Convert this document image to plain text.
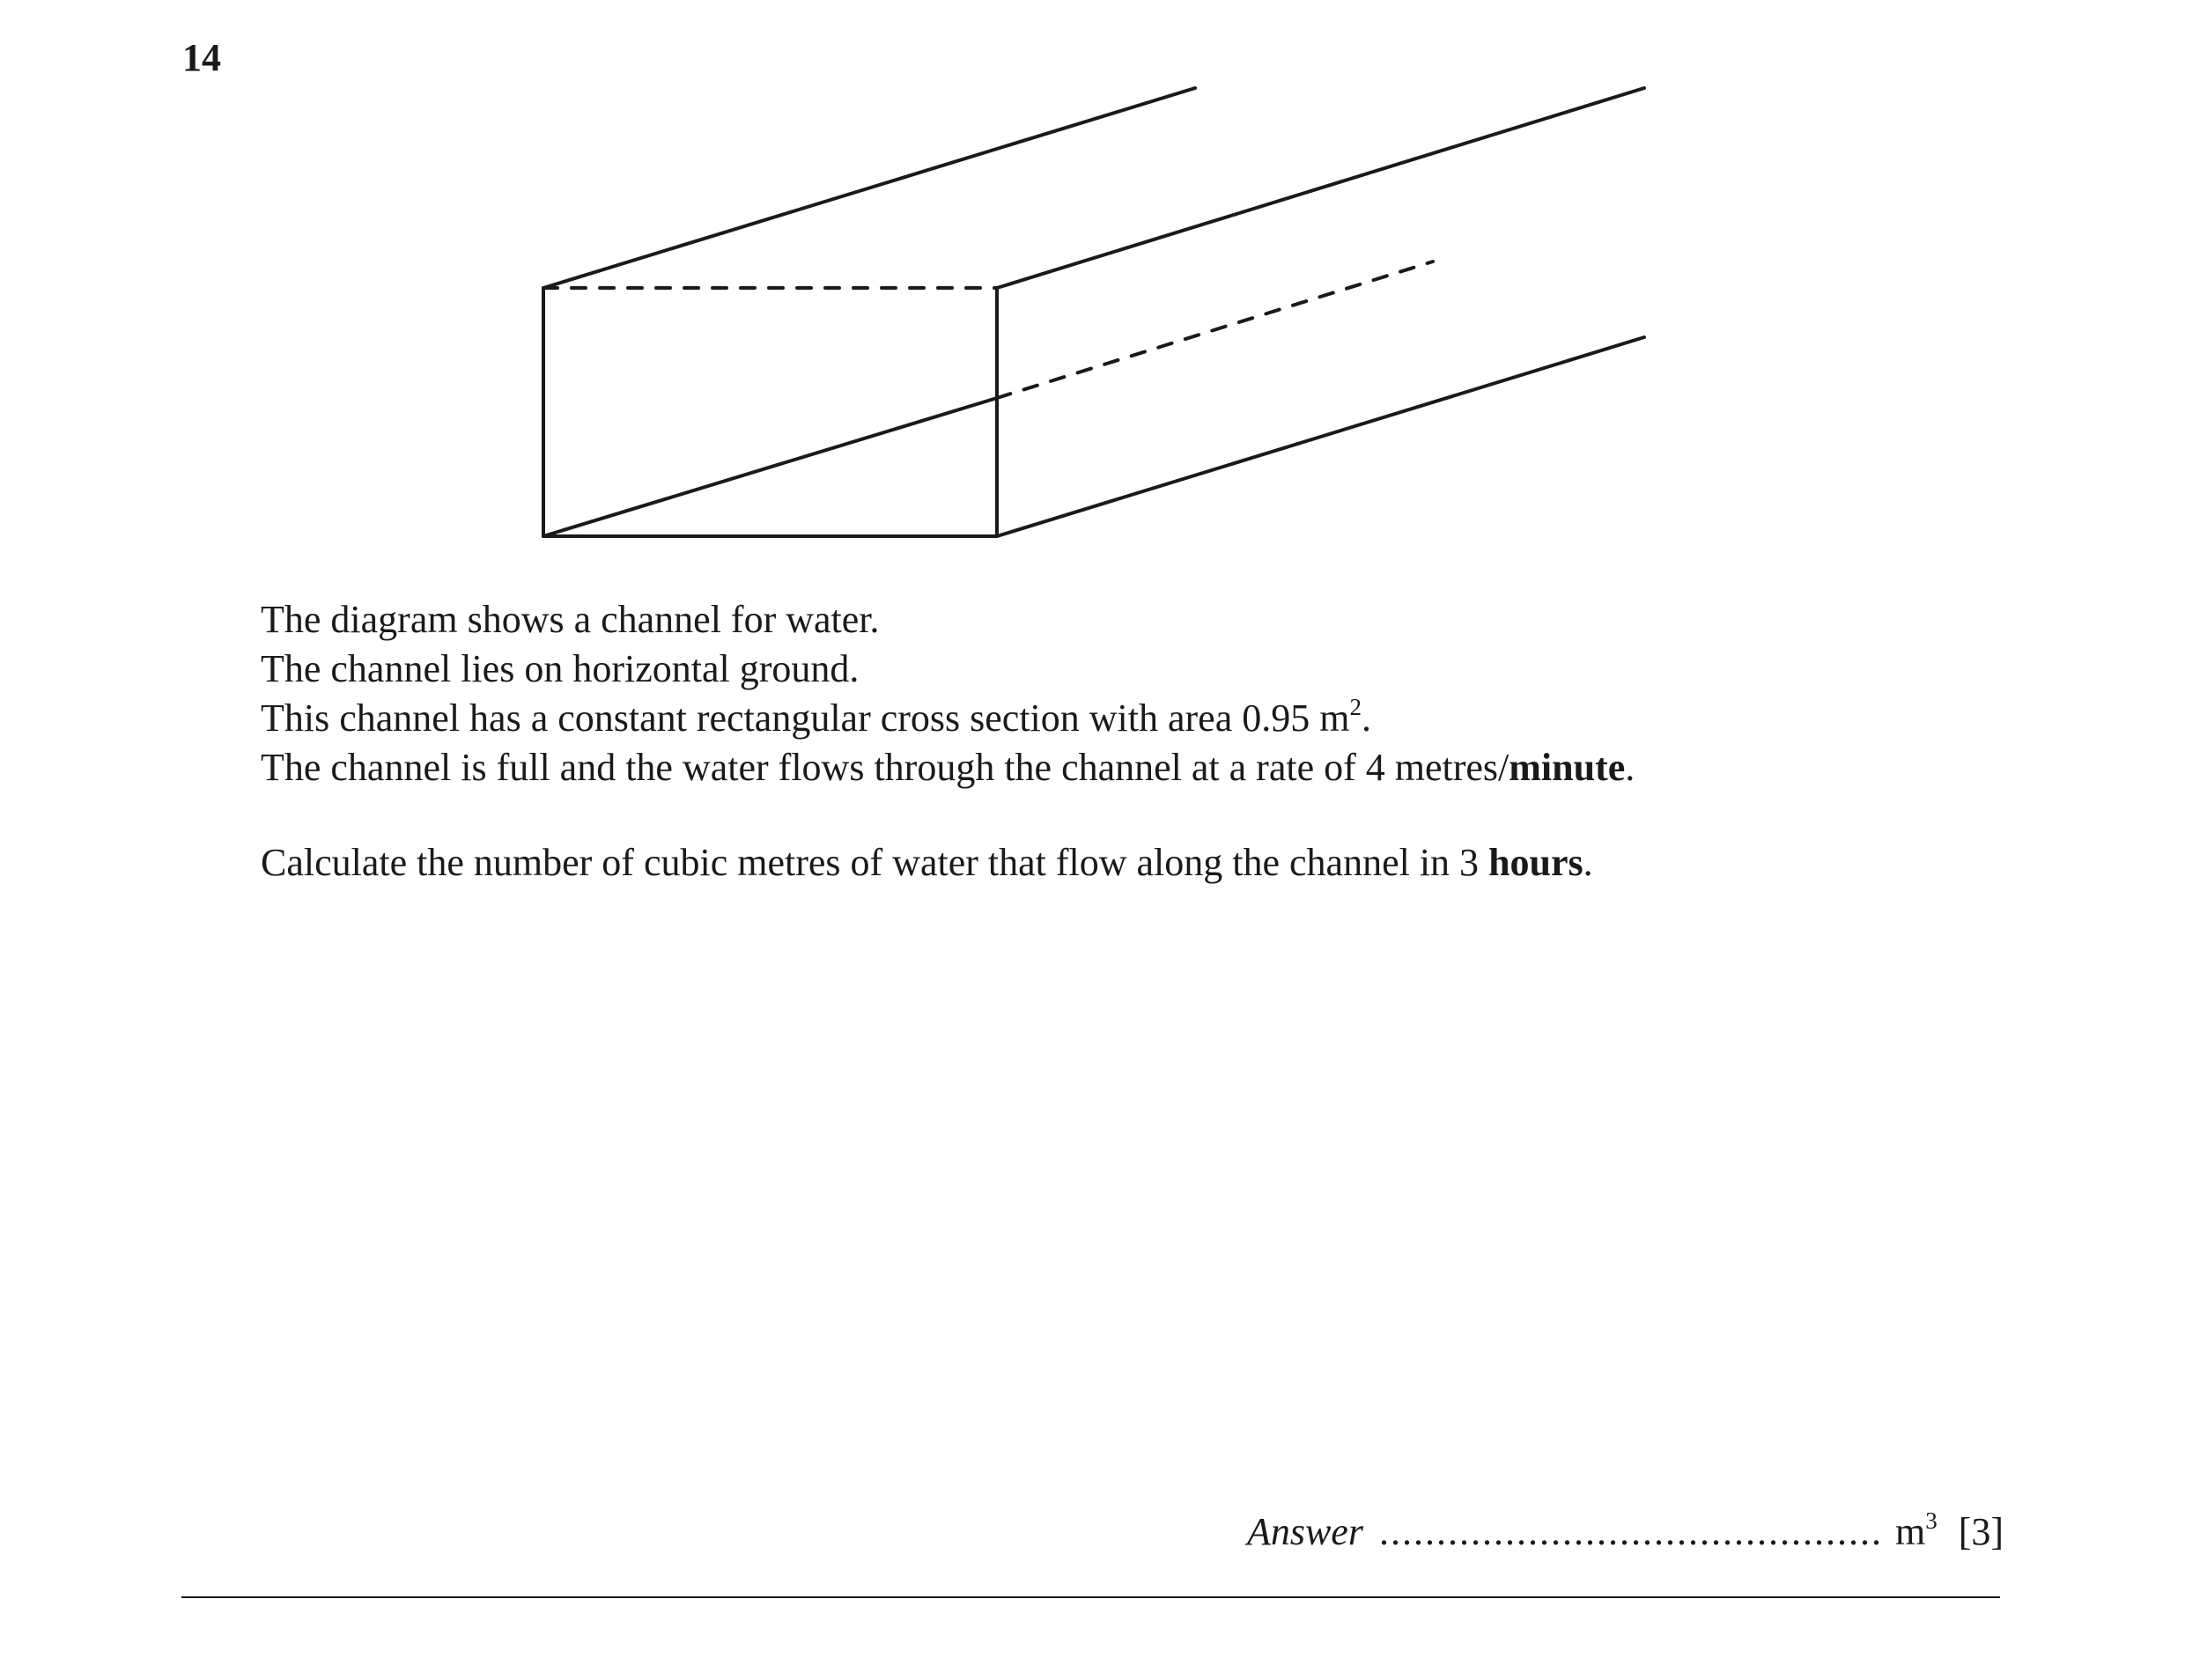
14
The diagram shows a channel for water.
The channel lies on horizontal ground.
This channel has a constant rectangular cross section with area 0.95 $m^2$.
The channel is full and the water flows through the channel at a rate of 4 metres/minute.
Calculate the number of cubic metres of water that flow along the channel in 3 hours.
Answer ............................................ $m^3$ [3]
